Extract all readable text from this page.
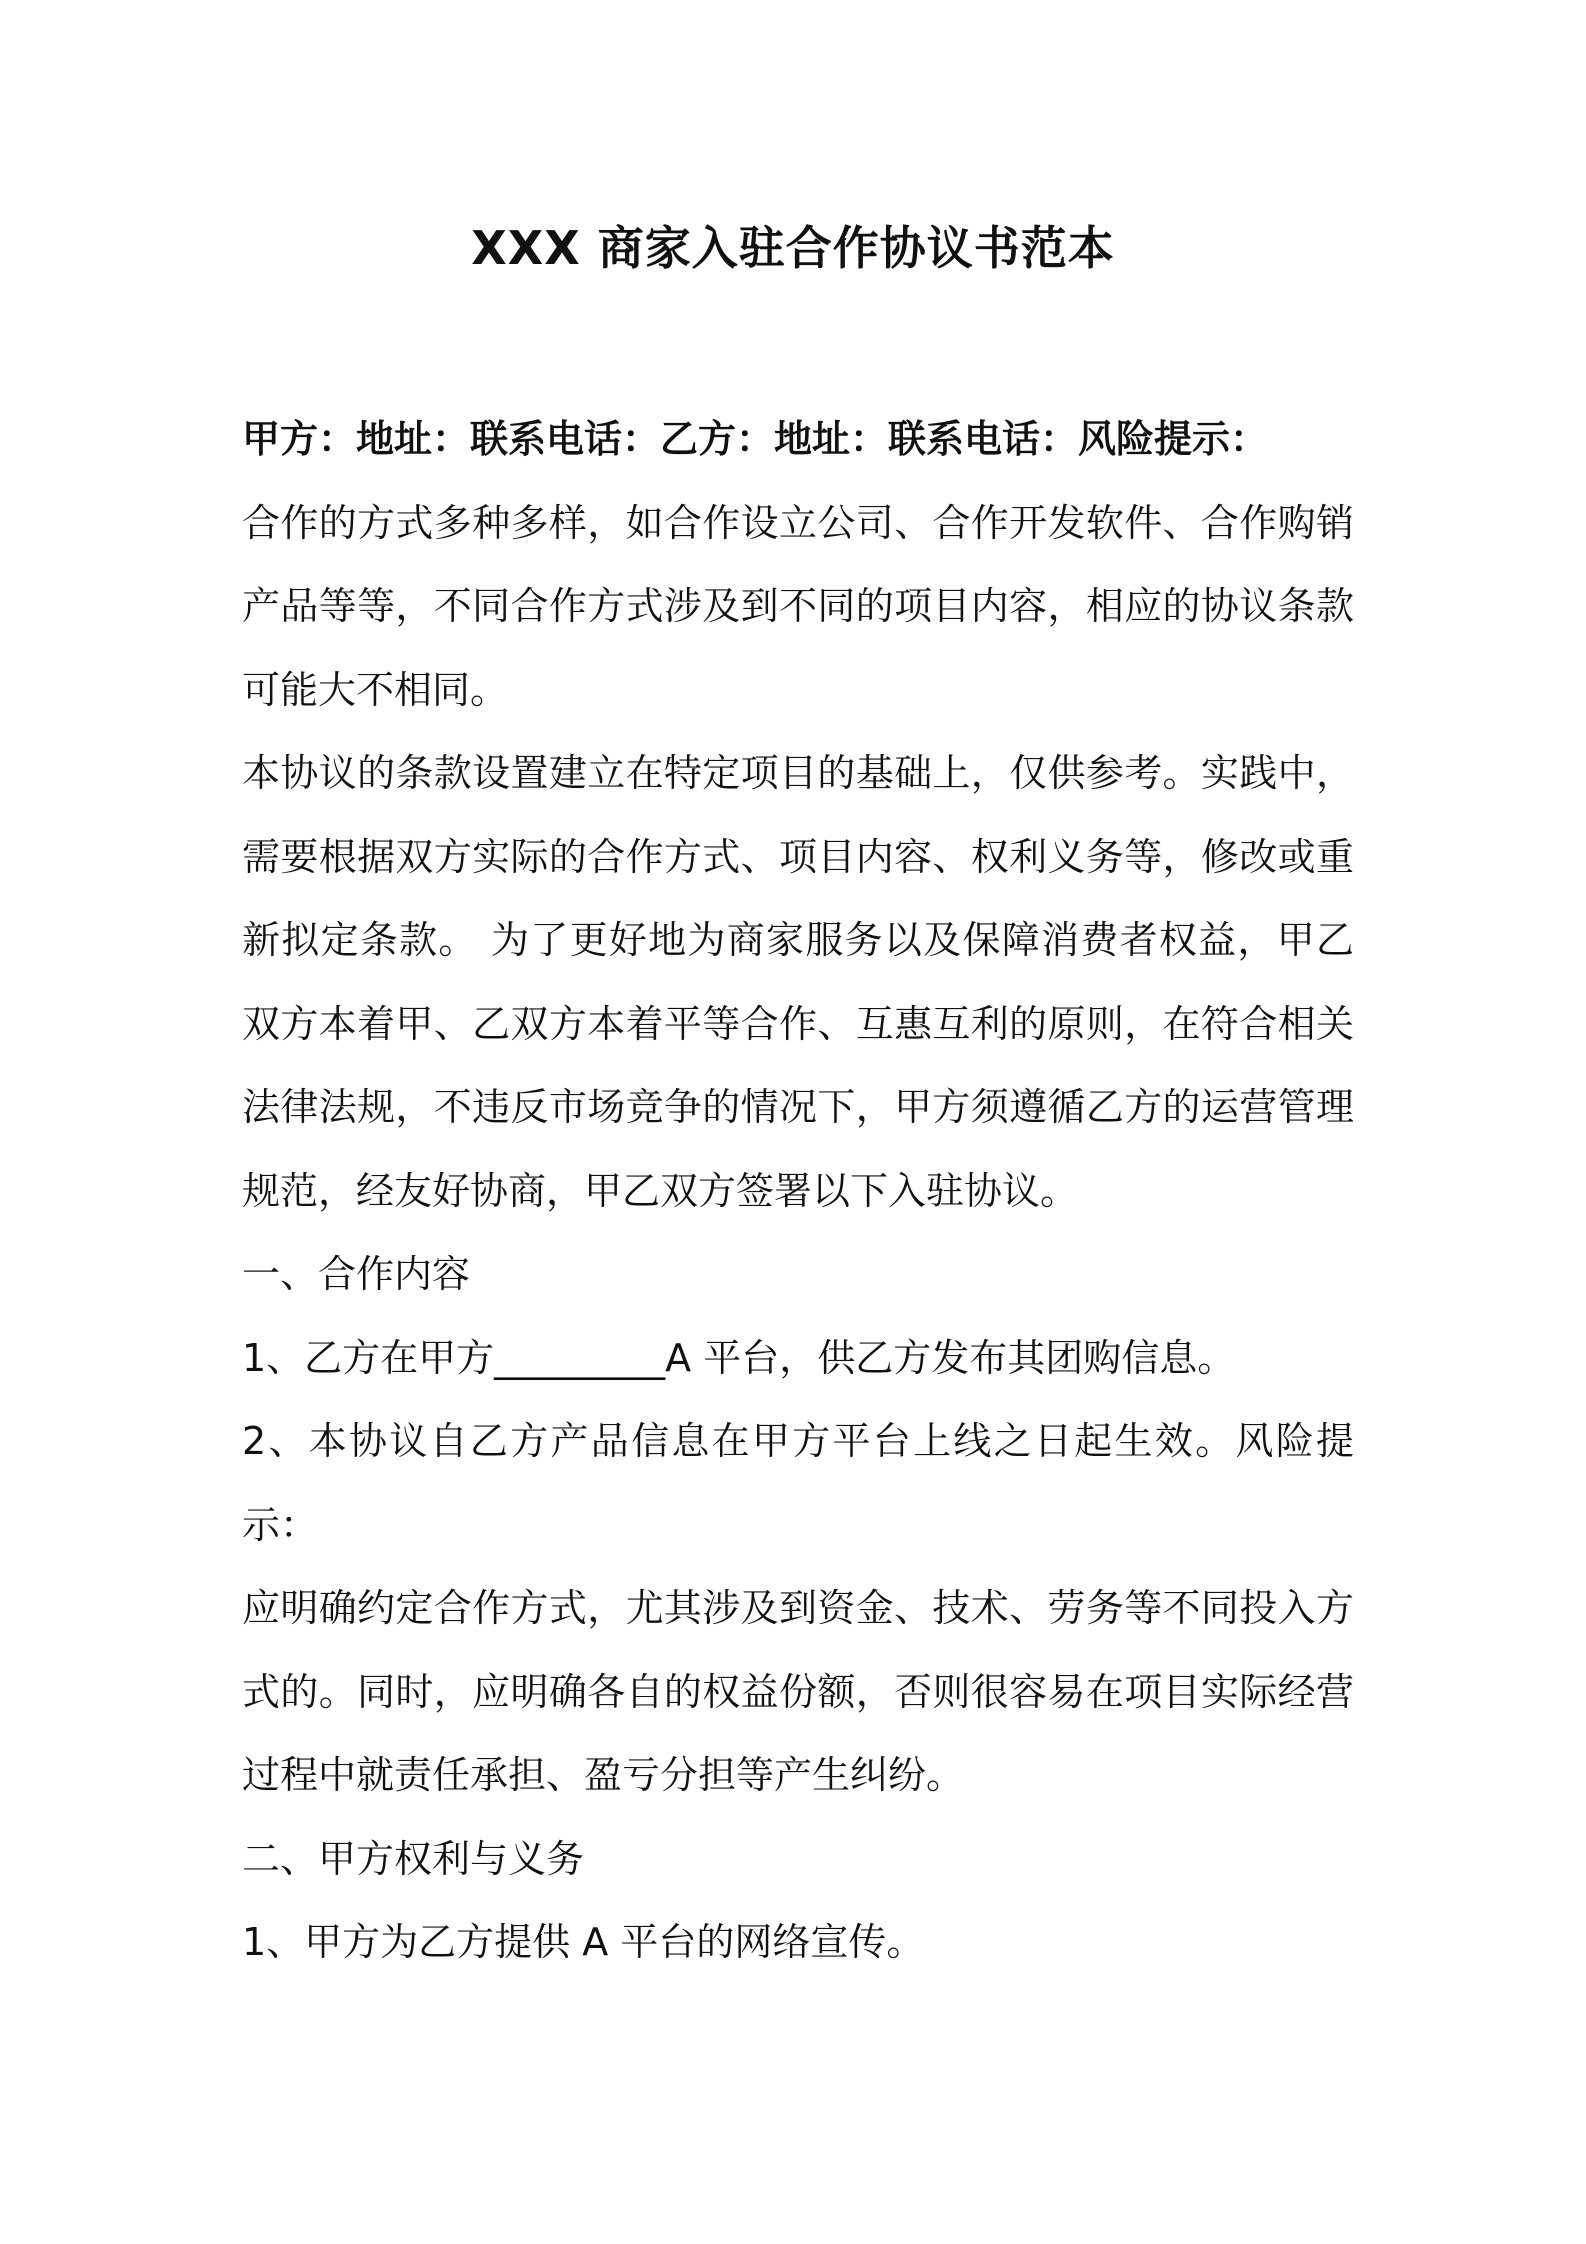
XXX 商家入驻合作协议书范本

甲方：地址：联系电话：乙方：地址：联系电话：风险提示：

合作的方式多种多样，如合作设立公司、合作开发软件、合作购销产品等等，不同合作方式涉及到不同的项目内容，相应的协议条款可能大不相同。

本协议的条款设置建立在特定项目的基础上，仅供参考。实践中，需要根据双方实际的合作方式、项目内容、权利义务等，修改或重新拟定条款。 为了更好地为商家服务以及保障消费者权益，甲乙双方本着甲、乙双方本着平等合作、互惠互利的原则，在符合相关法律法规，不违反市场竞争的情况下，甲方须遵循乙方的运营管理规范，经友好协商，甲乙双方签署以下入驻协议。

一、合作内容

1、乙方在甲方_________A 平台，供乙方发布其团购信息。

2、本协议自乙方产品信息在甲方平台上线之日起生效。风险提示：

应明确约定合作方式，尤其涉及到资金、技术、劳务等不同投入方式的。同时，应明确各自的权益份额，否则很容易在项目实际经营过程中就责任承担、盈亏分担等产生纠纷。

二、甲方权利与义务

1、甲方为乙方提供 A 平台的网络宣传。
